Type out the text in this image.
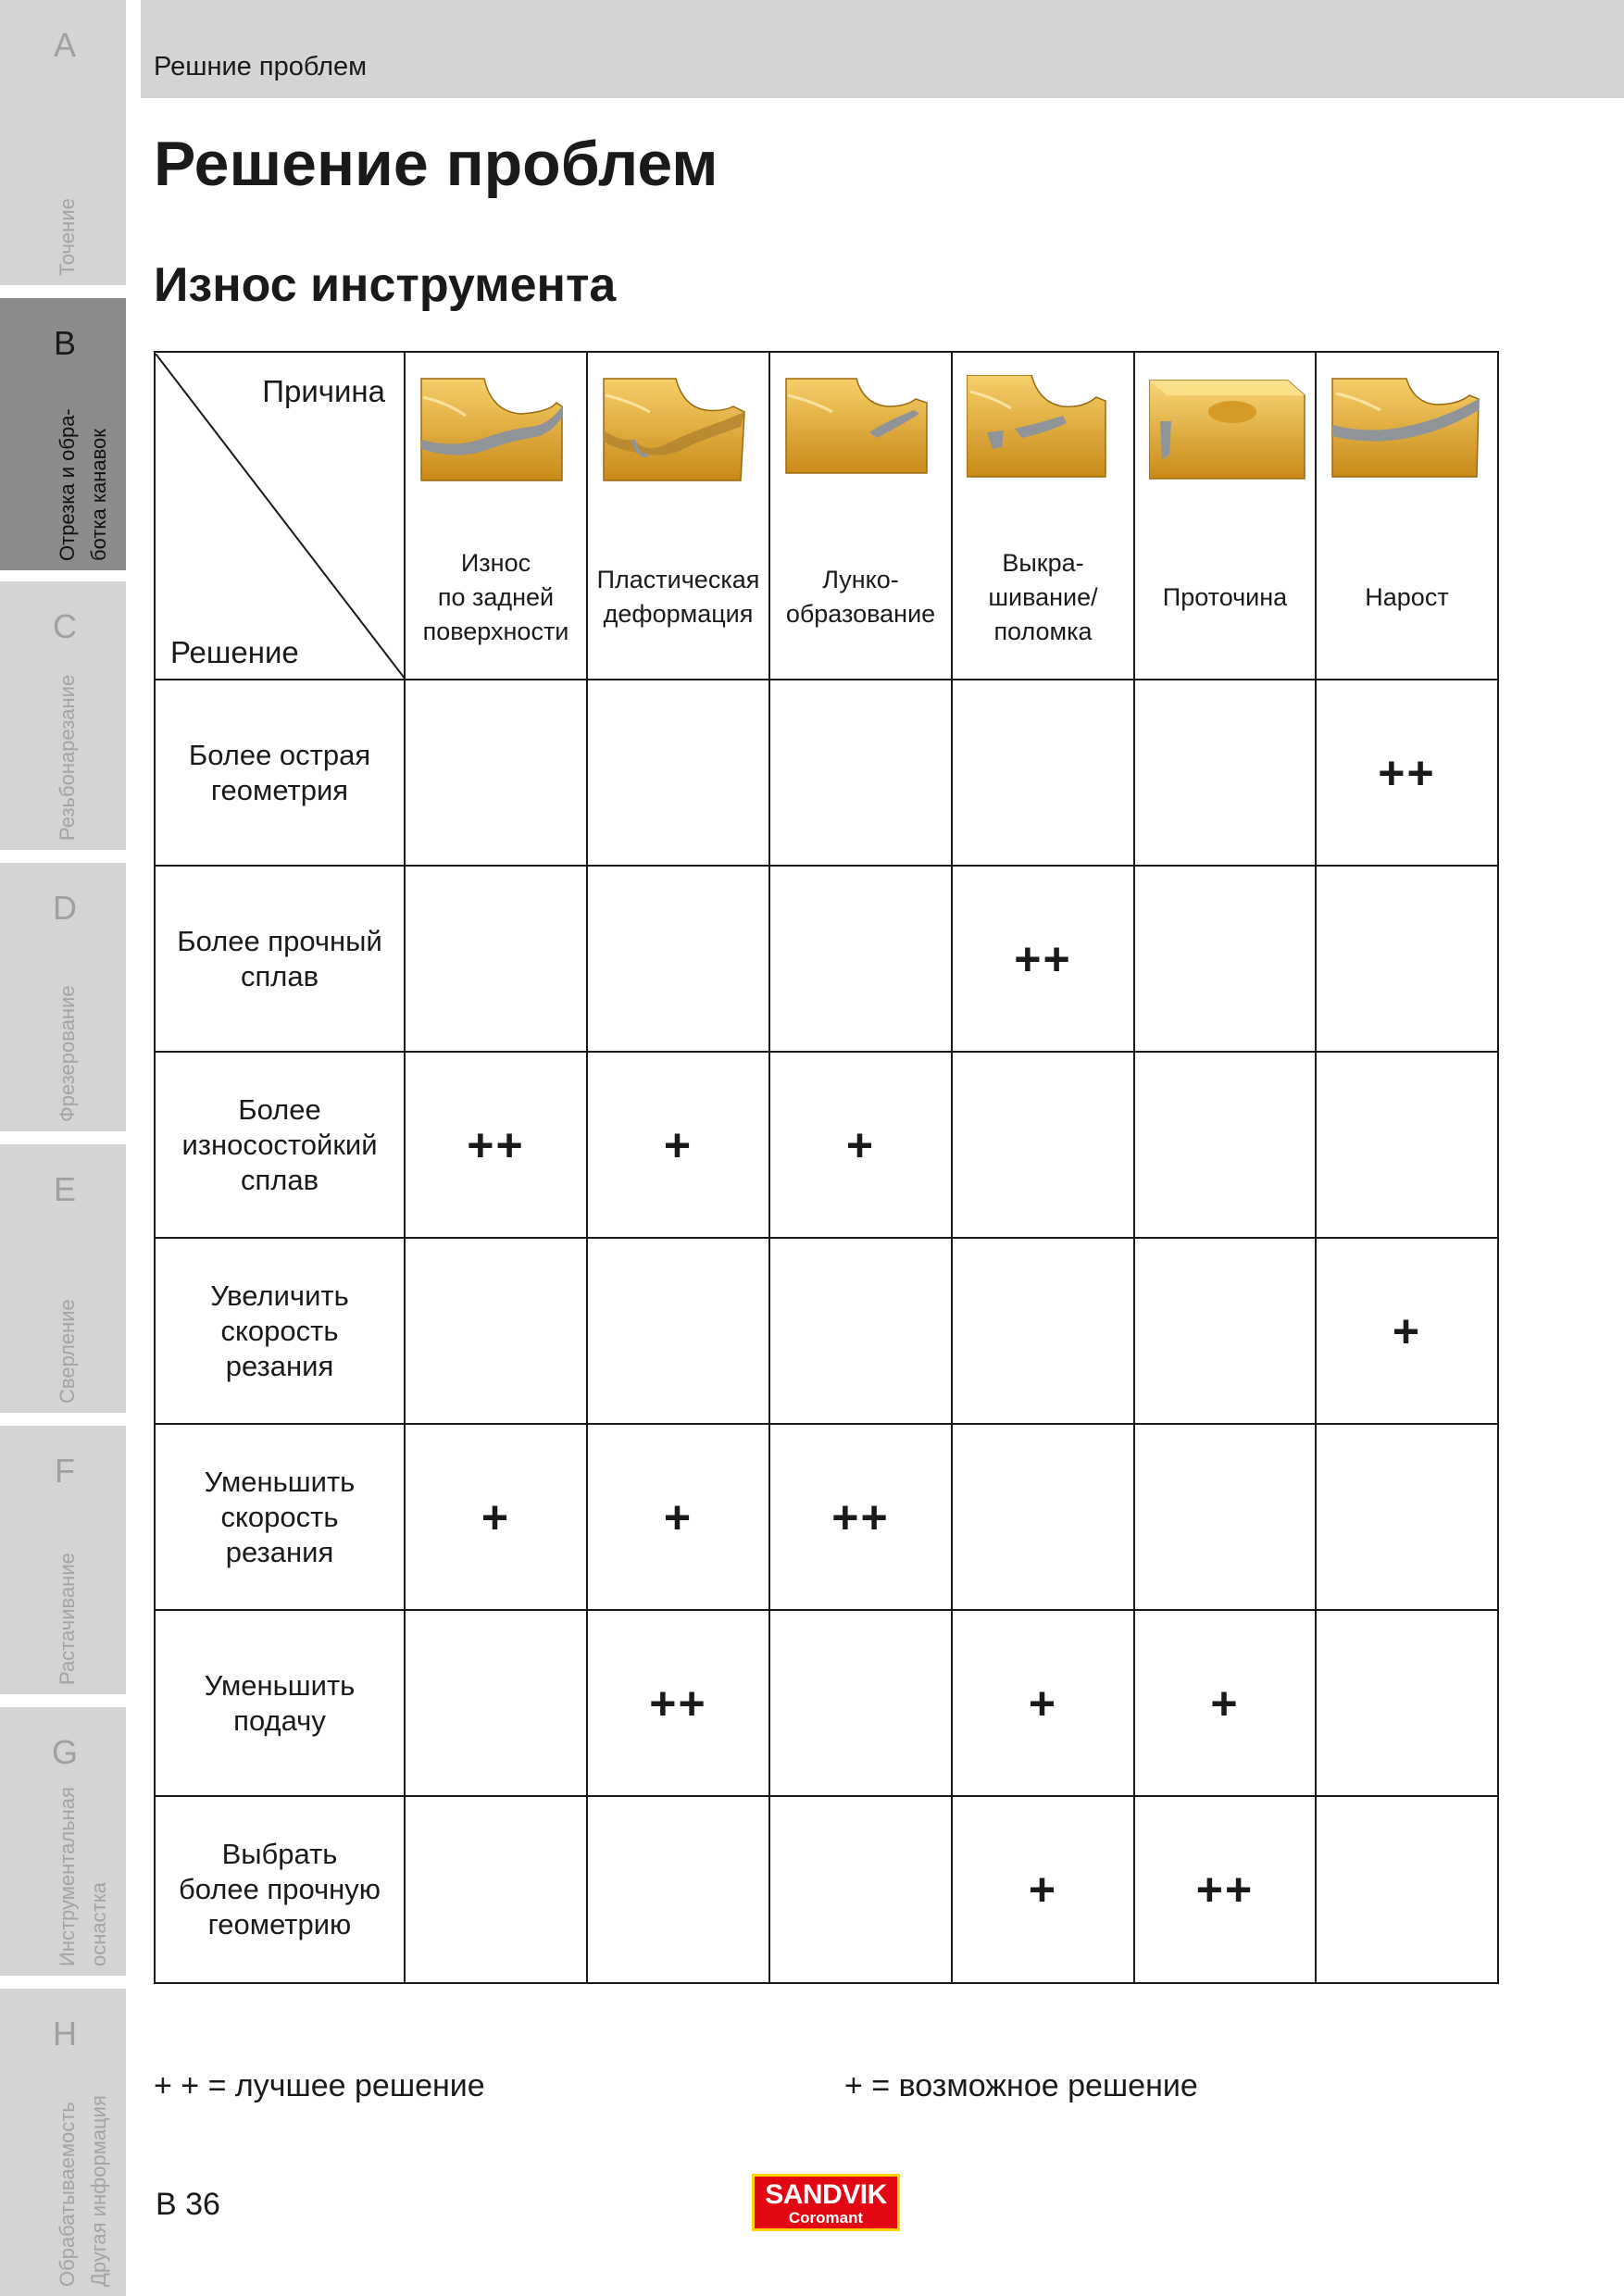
A
Точение
B
Отрезка и обра- ботка канавок
C
Резьбонарезание
D
Фрезерование
E
Сверление
F
Растачивание
G
Инструментальная оснастка
H
Обрабатываемость Другая информация
Решние проблем
Решение проблем
Износ инструмента
Причина
Решение	Износ
по задней
поверхности	Пластическая
деформация	Лунко-
образование	Выкра-
шивание/
поломка	Проточина	Нарост

Более острая
геометрия						++
Более прочный
сплав				++		
Более
износостойкий
сплав	++	+	+			
Увеличить
скорость
резания						+
Уменьшить
скорость
резания	+	+	++			
Уменьшить
подачу		++		+	+	
Выбрать
более прочную
геометрию				+	++	
+ + = лучшее решение	+ = возможное решение
B 36	SANDVIK
Coromant
